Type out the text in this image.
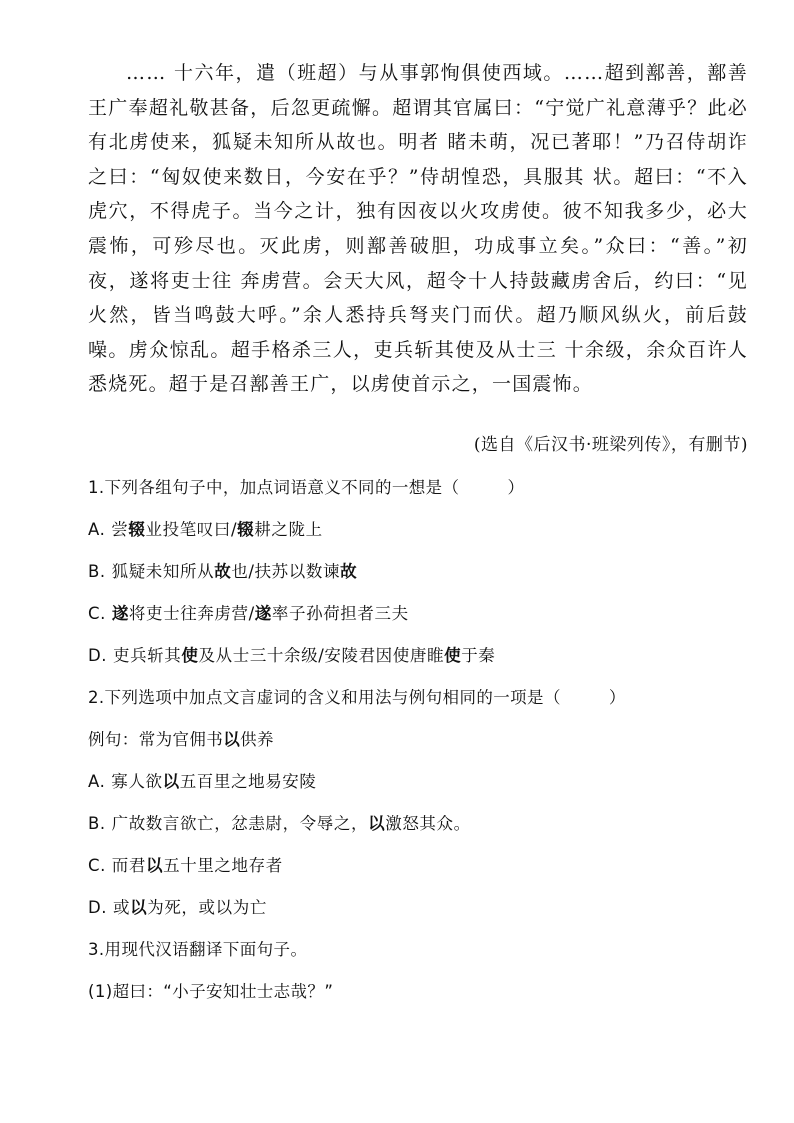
…… 十六年，遣（班超）与从事郭恂俱使西域。……超到鄯善，鄯善王广奉超礼敬甚备，后忽更疏懈。超谓其官属曰：“宁觉广礼意薄乎？此必有北虏使来，狐疑未知所从故也。明者 睹未萌，况已著耶！”乃召侍胡诈之曰：“匈奴使来数日，今安在乎？”侍胡惶恐，具服其 状。超曰：“不入虎穴，不得虎子。当今之计，独有因夜以火攻虏使。彼不知我多少，必大 震怖，可殄尽也。灭此虏，则鄯善破胆，功成事立矣。”众曰：“善。”初夜，遂将吏士往 奔虏营。会天大风，超令十人持鼓藏虏舍后，约曰：“见火然，皆当鸣鼓大呼。”余人悉持兵弩夹门而伏。超乃顺风纵火，前后鼓噪。虏众惊乱。超手格杀三人，吏兵斩其使及从士三 十余级，余众百许人悉烧死。超于是召鄯善王广，以虏使首示之，一国震怖。
(选自《后汉书·班梁列传》，有删节)
1.下列各组句子中，加点词语意义不同的一想是（	）
A. 尝辍业投笔叹曰/辍耕之陇上
B. 狐疑未知所从故也/扶苏以数谏故
C. 遂将吏士往奔虏营/遂率子孙荷担者三夫
D. 吏兵斩其使及从士三十余级/安陵君因使唐睢使于秦
2.下列选项中加点文言虚词的含义和用法与例句相同的一项是（	）
例句：常为官佣书以供养
A. 寡人欲以五百里之地易安陵
B. 广故数言欲亡，忿恚尉，令辱之，以激怒其众。
C. 而君以五十里之地存者
D. 或以为死，或以为亡
3.用现代汉语翻译下面句子。
(1)超曰：“小子安知壮士志哉？”
